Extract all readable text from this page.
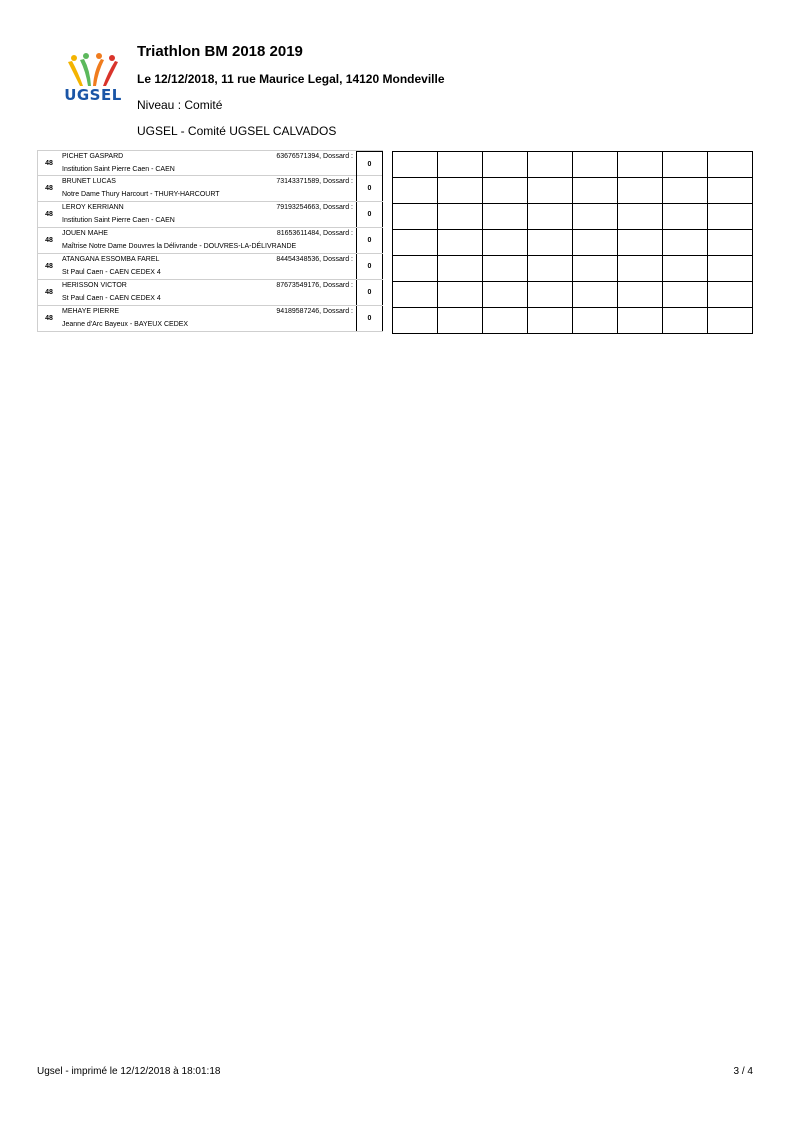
UGSEL
Triathlon BM 2018 2019
Le 12/12/2018, 11 rue Maurice Legal, 14120 Mondeville
Niveau : Comité
UGSEL - Comité UGSEL CALVADOS
48
PICHET GASPARD	63676571394, Dossard :
Institution Saint Pierre Caen - CAEN
0
48
BRUNET LUCAS	73143371589, Dossard :
Notre Dame Thury Harcourt - THURY-HARCOURT
0
48
LEROY KERRIANN	79193254663, Dossard :
Institution Saint Pierre Caen - CAEN
0
48
JOUEN MAHE	81653611484, Dossard :
Maîtrise Notre Dame Douvres la Délivrande - DOUVRES-LA-DÉLIVRANDE
0
48
ATANGANA ESSOMBA FAREL	84454348536, Dossard :
St Paul Caen - CAEN CEDEX 4
0
48
HERISSON VICTOR	87673549176, Dossard :
St Paul Caen - CAEN CEDEX 4
0
48
MEHAYE PIERRE	94189587246, Dossard :
Jeanne d'Arc Bayeux - BAYEUX CEDEX
0

Ugsel - imprimé le 12/12/2018 à 18:01:18	3 / 4
